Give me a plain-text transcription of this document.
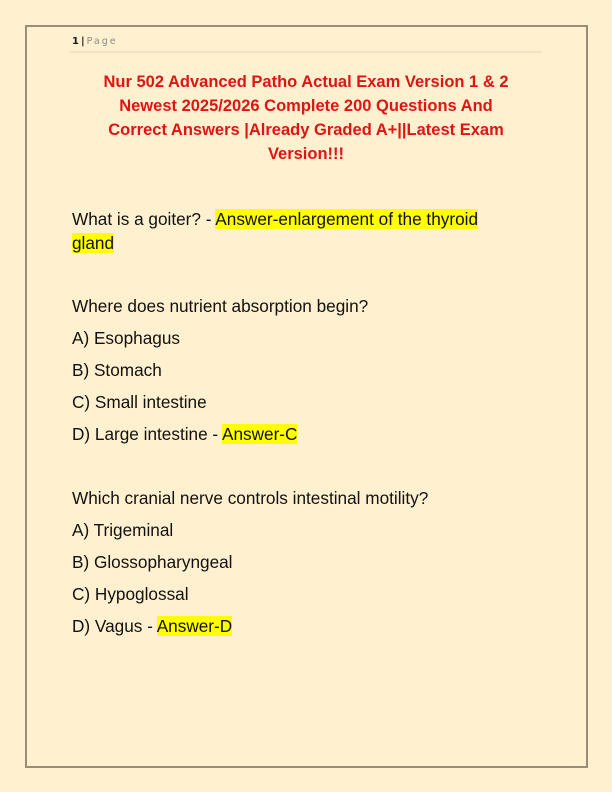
1 | Page
Nur 502 Advanced Patho Actual Exam Version 1 & 2
Newest 2025/2026 Complete 200 Questions And
Correct Answers |Already Graded A+||Latest Exam
Version!!!
What is a goiter? - Answer-enlargement of the thyroid
gland
Where does nutrient absorption begin?
A) Esophagus
B) Stomach
C) Small intestine
D) Large intestine - Answer-C
Which cranial nerve controls intestinal motility?
A) Trigeminal
B) Glossopharyngeal
C) Hypoglossal
D) Vagus - Answer-D
